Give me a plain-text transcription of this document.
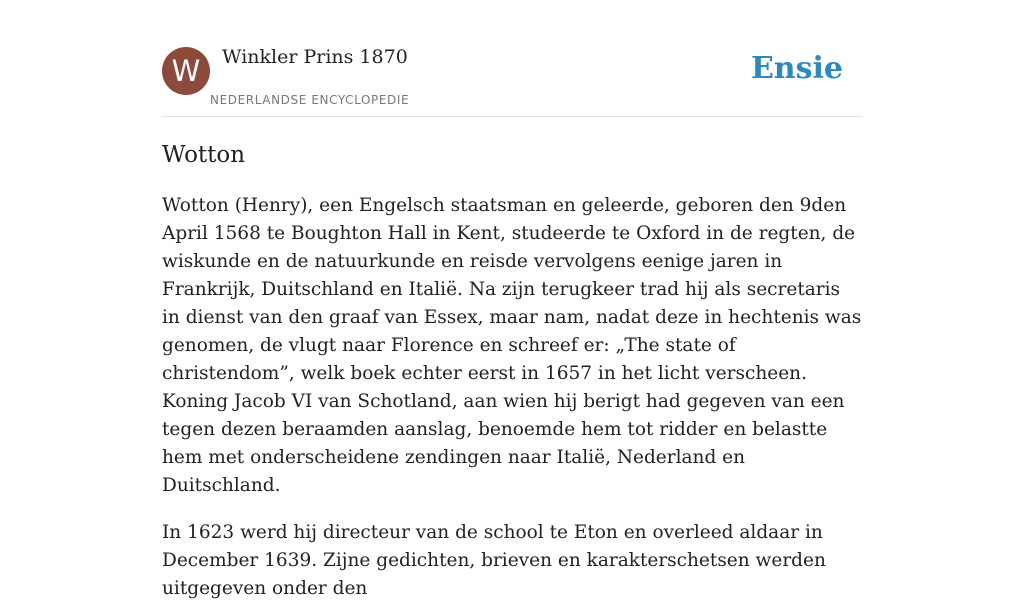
W	Winkler Prins 1870
NEDERLANDSE ENCYCLOPEDIE
Ensie
Wotton

Wotton (Henry), een Engelsch staatsman en geleerde, geboren den 9den April 1568 te Boughton Hall in Kent, studeerde te Oxford in de regten, de wiskunde en de natuurkunde en reisde vervolgens eenige jaren in Frankrijk, Duitschland en Italië. Na zijn terugkeer trad hij als secretaris in dienst van den graaf van Essex, maar nam, nadat deze in hechtenis was genomen, de vlugt naar Florence en schreef er: „The state of christendom”, welk boek echter eerst in 1657 in het licht verscheen. Koning Jacob VI van Schotland, aan wien hij berigt had gegeven van een tegen dezen beraamden aanslag, benoemde hem tot ridder en belastte hem met onderscheidene zendingen naar Italië, Nederland en Duitschland.

In 1623 werd hij directeur van de school te Eton en overleed aldaar in December 1639. Zijne gedichten, brieven en karakterschetsen werden uitgegeven onder den
